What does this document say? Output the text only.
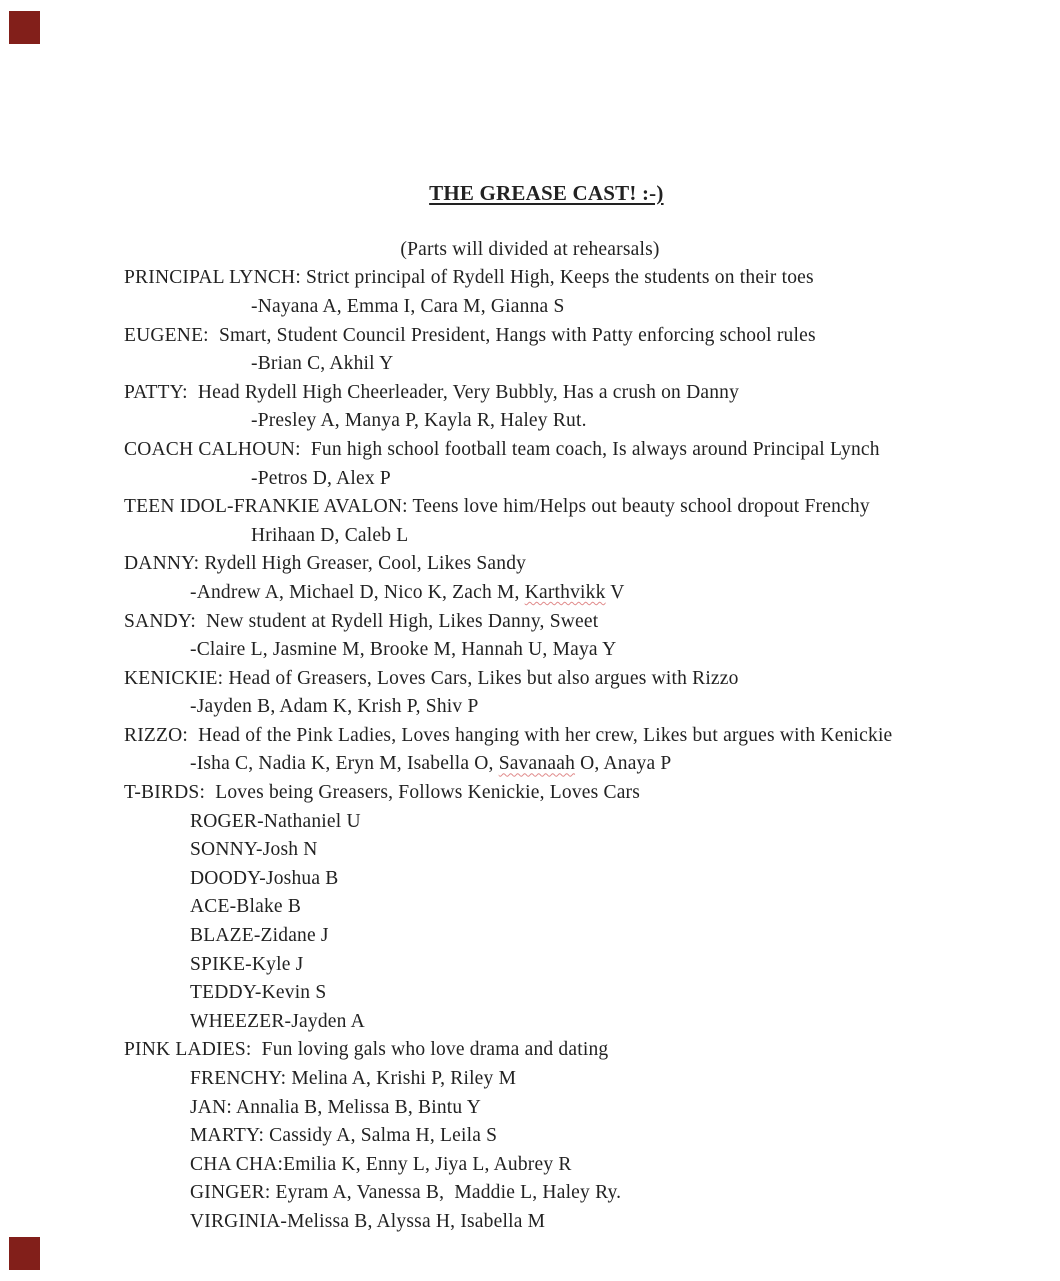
THE GREASE CAST! :-)

(Parts will divided at rehearsals)
PRINCIPAL LYNCH: Strict principal of Rydell High, Keeps the students on their toes
-Nayana A, Emma I, Cara M, Gianna S
EUGENE:  Smart, Student Council President, Hangs with Patty enforcing school rules
-Brian C, Akhil Y
PATTY:  Head Rydell High Cheerleader, Very Bubbly, Has a crush on Danny
-Presley A, Manya P, Kayla R, Haley Rut.
COACH CALHOUN:  Fun high school football team coach, Is always around Principal Lynch
-Petros D, Alex P
TEEN IDOL-FRANKIE AVALON: Teens love him/Helps out beauty school dropout Frenchy
Hrihaan D, Caleb L
DANNY: Rydell High Greaser, Cool, Likes Sandy
-Andrew A, Michael D, Nico K, Zach M, Karthvikk V
SANDY:  New student at Rydell High, Likes Danny, Sweet
-Claire L, Jasmine M, Brooke M, Hannah U, Maya Y
KENICKIE: Head of Greasers, Loves Cars, Likes but also argues with Rizzo
-Jayden B, Adam K, Krish P, Shiv P
RIZZO:  Head of the Pink Ladies, Loves hanging with her crew, Likes but argues with Kenickie
-Isha C, Nadia K, Eryn M, Isabella O, Savanaah O, Anaya P
T-BIRDS:  Loves being Greasers, Follows Kenickie, Loves Cars
ROGER-Nathaniel U
SONNY-Josh N
DOODY-Joshua B
ACE-Blake B
BLAZE-Zidane J
SPIKE-Kyle J
TEDDY-Kevin S
WHEEZER-Jayden A
PINK LADIES:  Fun loving gals who love drama and dating
FRENCHY: Melina A, Krishi P, Riley M
JAN: Annalia B, Melissa B, Bintu Y
MARTY: Cassidy A, Salma H, Leila S
CHA CHA:Emilia K, Enny L, Jiya L, Aubrey R
GINGER: Eyram A, Vanessa B,  Maddie L, Haley Ry.
VIRGINIA-Melissa B, Alyssa H, Isabella M
